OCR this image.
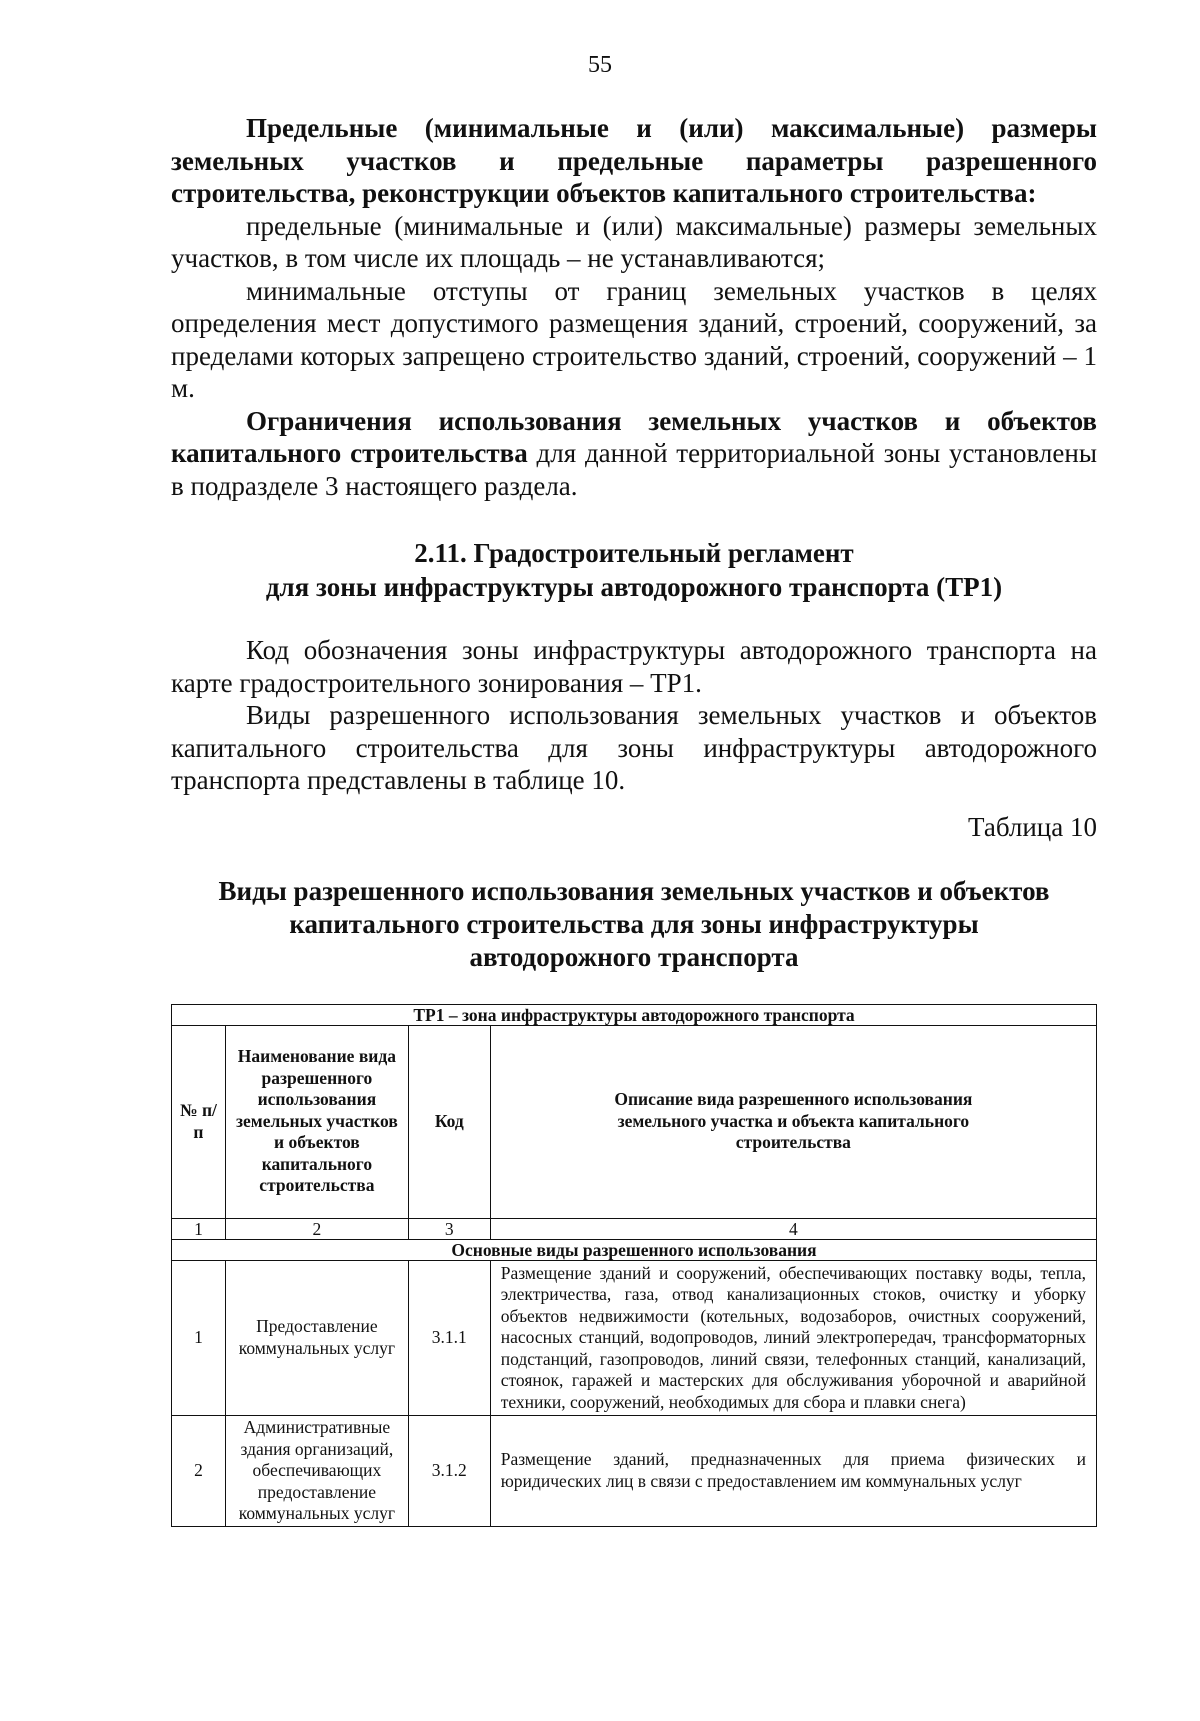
55

Предельные (минимальные и (или) максимальные) размеры земельных участков и предельные параметры разрешенного строительства, реконструкции объектов капитального строительства:

предельные (минимальные и (или) максимальные) размеры земельных участков, в том числе их площадь – не устанавливаются;

минимальные отступы от границ земельных участков в целях определения мест допустимого размещения зданий, строений, сооружений, за пределами которых запрещено строительство зданий, строений, сооружений – 1 м.

Ограничения использования земельных участков и объектов капитального строительства для данной территориальной зоны установлены в подразделе 3 настоящего раздела.

2.11. Градостроительный регламент
для зоны инфраструктуры автодорожного транспорта (ТР1)

Код обозначения зоны инфраструктуры автодорожного транспорта на карте градостроительного зонирования – ТР1.

Виды разрешенного использования земельных участков и объектов капитального строительства для зоны инфраструктуры автодорожного транспорта представлены в таблице 10.

Таблица 10
Виды разрешенного использования земельных участков и объектов
капитального строительства для зоны инфраструктуры
автодорожного транспорта
ТР1 – зона инфраструктуры автодорожного транспорта			
№ п/п	Наименование вида разрешенного использования земельных участков и объектов капитального строительства	Код	Описание вида разрешенного использования земельного участка и объекта капитального строительства
1	2	3	4
Основные виды разрешенного использования			
1	Предоставление коммунальных услуг	3.1.1	Размещение зданий и сооружений, обеспечивающих поставку воды, тепла, электричества, газа, отвод канализационных стоков, очистку и уборку объектов недвижимости (котельных, водозаборов, очистных сооружений, насосных станций, водопроводов, линий электропередач, трансформаторных подстанций, газопроводов, линий связи, телефонных станций, канализаций, стоянок, гаражей и мастерских для обслуживания уборочной и аварийной техники, сооружений, необходимых для сбора и плавки снега)
2	Административные здания организаций, обеспечивающих предоставление коммунальных услуг	3.1.2	Размещение зданий, предназначенных для приема физических и юридических лиц в связи с предоставлением им коммунальных услуг
